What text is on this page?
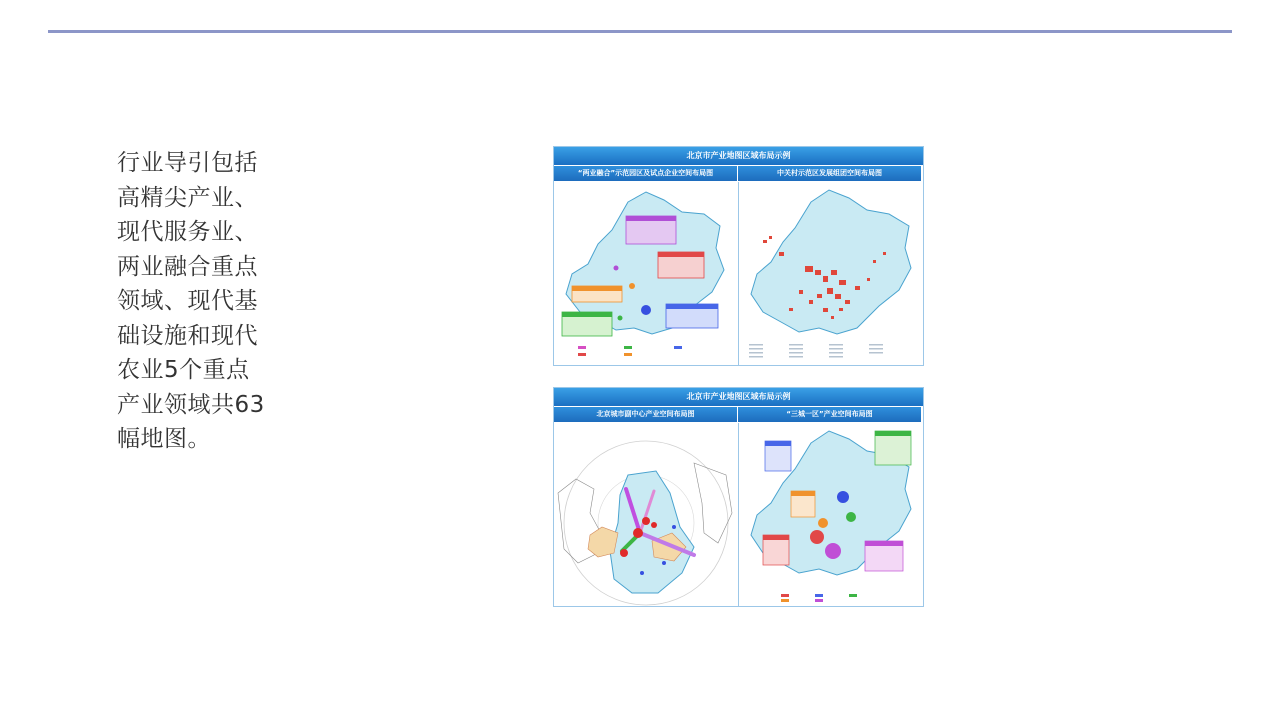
行业导引包括高精尖产业、现代服务业、两业融合重点领域、现代基础设施和现代农业5个重点产业领域共63幅地图。
北京市产业地图区域布局示例
“两业融合”示范园区及试点企业空间布局图	中关村示范区发展组团空间布局图
北京市产业地图区域布局示例
北京城市副中心产业空间布局图	“三城一区”产业空间布局图
